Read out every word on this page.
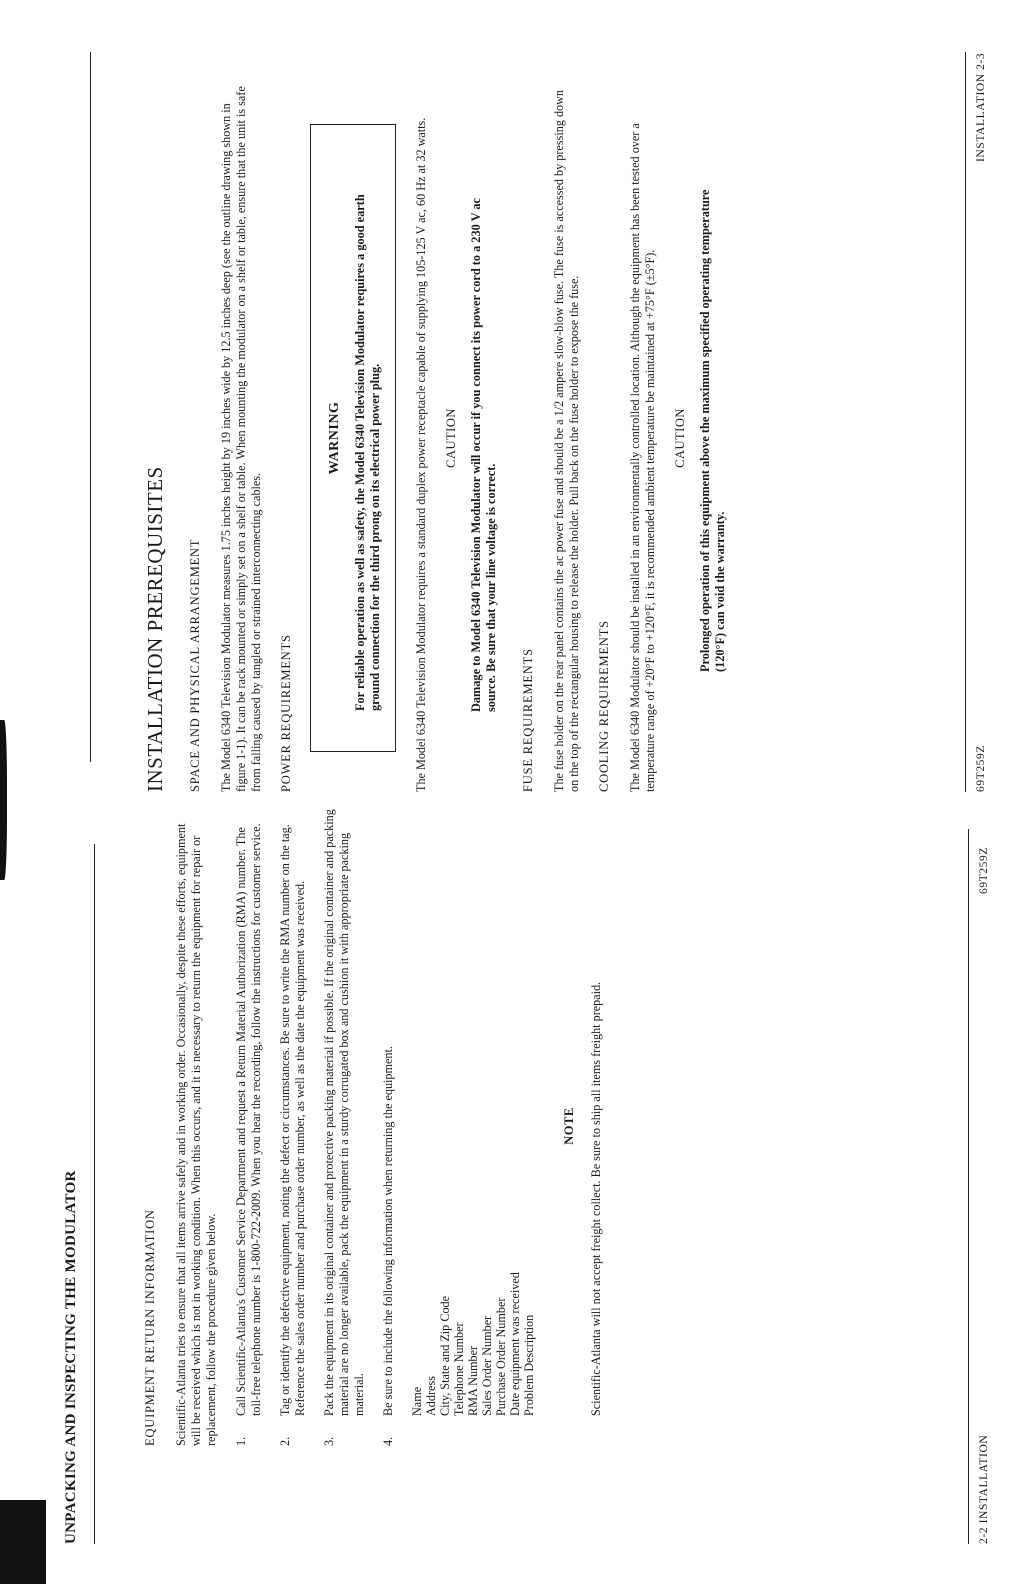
UNPACKING AND INSPECTING THE MODULATOR	EQUIPMENT RETURN INFORMATION Scientific-Atlanta tries to ensure that all items arrive safely and in working order. Occasionally, despite these efforts, equipment will be received which is not in working condition. When this occurs, and it is necessary to return the equipment for repair or replacement, follow the procedure given below. 1.
Call Scientific-Atlanta's Customer Service Department and request a Return Material Authorization (RMA) number. The toll-free telephone number is 1-800-722-2009. When you hear the recording, follow the instructions for customer service.
2.
Tag or identify the defective equipment, noting the defect or circumstances. Be sure to write the RMA number on the tag. Reference the sales order number and purchase order number, as well as the date the equipment was received.
3.
Pack the equipment in its original container and protective packing material if possible. If the original container and packing material are no longer available, pack the equipment in a sturdy corrugated box and cushion it with appropriate packing material.
4.
Be sure to include the following information when returning the equipment. Name Address City, State and Zip Code Telephone Number RMA Number Sales Order Number Purchase Order Number Date equipment was received Problem Description
NOTE Scientific-Atlanta will not accept freight collect. Be sure to ship all items freight prepaid.

2-2 INSTALLATION
69T259Z
INSTALLATION PREREQUISITES SPACE AND PHYSICAL ARRANGEMENT The Model 6340 Television Modulator measures 1.75 inches height by 19 inches wide by 12.5 inches deep (see the outline drawing shown in figure 1-1). It can be rack mounted or simply set on a shelf or table. When mounting the modulator on a shelf or table, ensure that the unit is safe from falling caused by tangled or strained interconnecting cables. POWER REQUIREMENTS
WARNING For reliable operation as well as safety, the Model 6340 Television Modulator requires a good earth ground connection for the third prong on its electrical power plug.	The Model 6340 Television Modulator requires a standard duplex power receptacle capable of supplying 105-125 V ac, 60 Hz at 32 watts. CAUTION Damage to Model 6340 Television Modulator will occur if you connect its power cord to a 230 V ac source. Be sure that your line voltage is correct.
FUSE REQUIREMENTS The fuse holder on the rear panel contains the ac power fuse and should be a 1/2 ampere slow-blow fuse. The fuse is accessed by pressing down on the top of the rectangular housing to release the holder. Pull back on the fuse holder to expose the fuse. COOLING REQUIREMENTS The Model 6340 Modulator should be installed in an environmentally controlled location. Although the equipment has been tested over a temperature range of +20°F to +120°F, it is recommended ambient temperature be maintained at +75°F (±5°F). CAUTION Prolonged operation of this equipment above the maximum specified operating temperature (120°F) can void the warranty.
69T259Z
INSTALLATION 2-3
